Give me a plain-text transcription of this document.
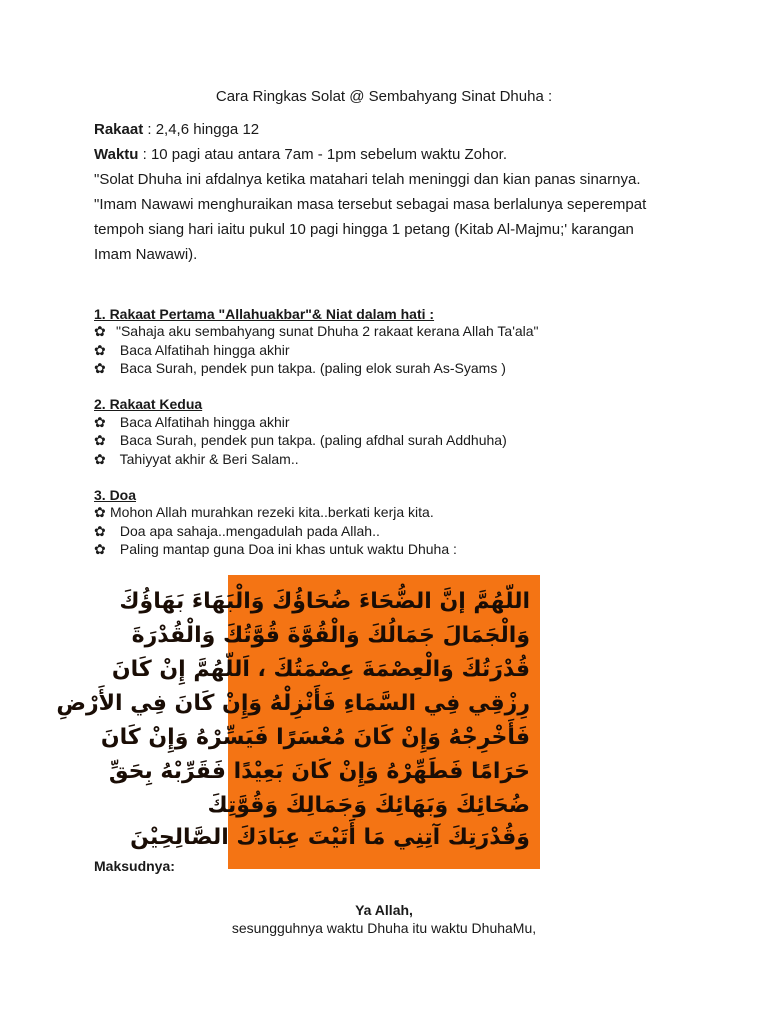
Cara Ringkas Solat @ Sembahyang Sinat Dhuha :
Rakaat : 2,4,6 hingga 12
Waktu : 10 pagi atau antara 7am - 1pm sebelum waktu Zohor.
"Solat Dhuha ini afdalnya ketika matahari telah meninggi dan kian panas sinarnya.
"Imam Nawawi menghuraikan masa tersebut sebagai masa berlalunya seperempat
tempoh siang hari iaitu pukul 10 pagi hingga 1 petang (Kitab Al-Majmu;' karangan
Imam Nawawi).
1. Rakaat Pertama "Allahuakbar"& Niat dalam hati :
✿ "Sahaja aku sembahyang sunat Dhuha 2 rakaat kerana Allah Ta'ala"
✿ Baca Alfatihah hingga akhir
✿ Baca Surah, pendek pun takpa. (paling elok surah As-Syams )
2. Rakaat Kedua
✿ Baca Alfatihah hingga akhir
✿ Baca Surah, pendek pun takpa. (paling afdhal surah Addhuha)
✿ Tahiyyat akhir & Beri Salam..
3. Doa
✿ Mohon Allah murahkan rezeki kita..berkati kerja kita.
✿ Doa apa sahaja..mengadulah pada Allah..
✿ Paling mantap guna Doa ini khas untuk waktu Dhuha :
اللّهُمَّ إنَّ الضُّحَاءَ ضُحَاؤُكَ وَالْبَهَاءَ بَهَاؤُكَ
وَالْجَمَالَ جَمَالُكَ وَالْقُوَّةَ قُوَّتُكَ وَالْقُدْرَةَ
قُدْرَتُكَ وَالْعِصْمَةَ عِصْمَتُكَ ، اَللّهُمَّ إِنْ كَانَ
رِزْقِي فِي السَّمَاءِ فَأَنْزِلْهُ وَإِنْ كَانَ فِي الأَرْضِ
فَأَخْرِجْهُ وَإِنْ كَانَ مُعْسَرًا فَيَسِّرْهُ وَإِنْ كَانَ
حَرَامًا فَطَهِّرْهُ وَإِنْ كَانَ بَعِيْدًا فَقَرِّبْهُ بِحَقِّ
ضُحَائِكَ وَبَهَائِكَ وَجَمَالِكَ وَقُوَّتِكَ
وَقُدْرَتِكَ آتِنِي مَا أَتَيْتَ عِبَادَكَ الصَّالِحِيْنَ
Maksudnya:
Ya Allah,
sesungguhnya waktu Dhuha itu waktu DhuhaMu,
